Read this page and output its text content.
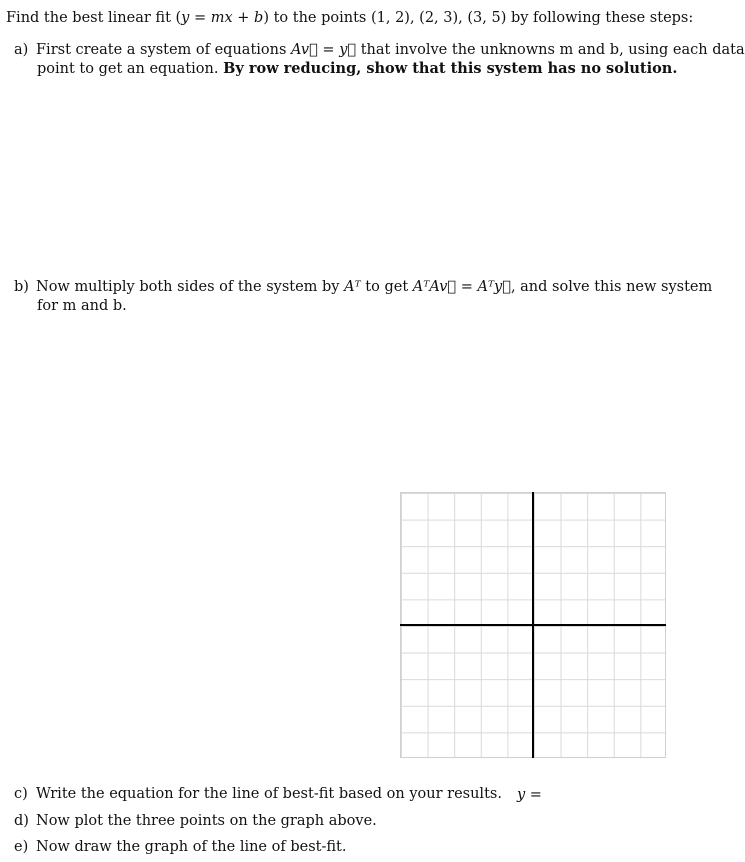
Find the best linear fit (y = mx + b) to the points (1, 2), (2, 3), (3, 5) by following these steps:
a) First create a system of equations Av⃗ = y⃗ that involve the unknowns m and b, using each data
point to get an equation. By row reducing, show that this system has no solution.
b) Now multiply both sides of the system by Aᵀ to get AᵀAv⃗ = Aᵀy⃗, and solve this new system
for m and b.
c) Write the equation for the line of best-fit based on your results. y =
d) Now plot the three points on the graph above.
e) Now draw the graph of the line of best-fit.
